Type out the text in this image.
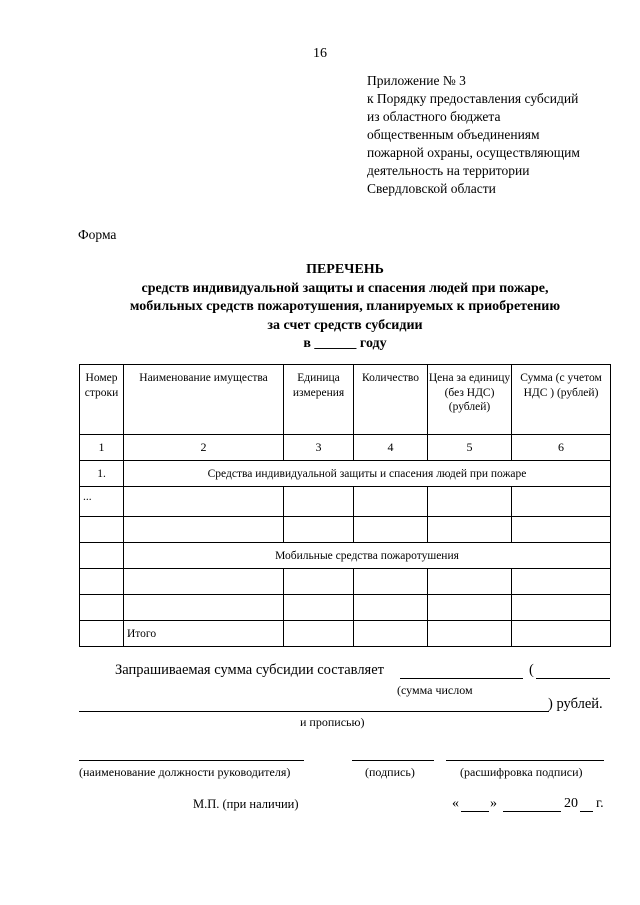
16
Приложение № 3
к Порядку предоставления субсидий
из областного бюджета
общественным объединениям
пожарной охраны, осуществляющим
деятельность на территории
Свердловской области
Форма
ПЕРЕЧЕНЬ
средств индивидуальной защиты и спасения людей при пожаре,
мобильных средств пожаротушения, планируемых к приобретению
за счет средств субсидии
в ______ году
Номер строки	Наименование имущества	Единица измерения	Количество	Цена за единицу (без НДС) (рублей)	Сумма (с учетом НДС ) (рублей)
1	2	3	4	5	6
1.	Средства индивидуальной защиты и спасения людей при пожаре				
...					

	Мобильные средства пожаротушения				

	Итого				
Запрашиваемая сумма субсидии составляет	(
(сумма числом
) рублей.
и прописью)
(наименование должности руководителя)	(подпись)	(расшифровка подписи)
М.П. (при наличии)	« »	20 г.
